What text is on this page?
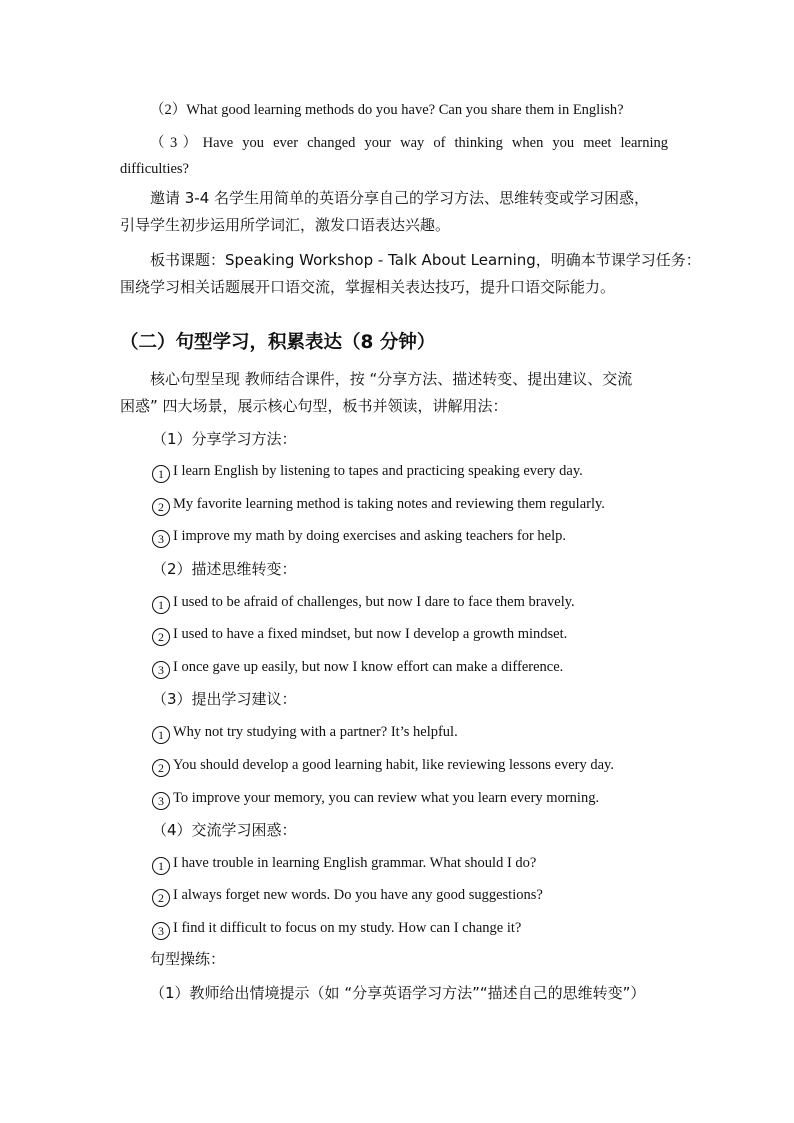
（2）What good learning methods do you have? Can you share them in English?
（3）Have you ever changed your way of thinking when you meet learning
difficulties?
邀请 3-4 名学生用简单的英语分享自己的学习方法、思维转变或学习困惑，
引导学生初步运用所学词汇，激发口语表达兴趣。
板书课题：Speaking Workshop - Talk About Learning，明确本节课学习任务：
围绕学习相关话题展开口语交流，掌握相关表达技巧，提升口语交际能力。
（二）句型学习，积累表达（8 分钟）
核心句型呈现 教师结合课件，按 “分享方法、描述转变、提出建议、交流
困惑” 四大场景，展示核心句型，板书并领读，讲解用法：
（1）分享学习方法：
1 I learn English by listening to tapes and practicing speaking every day.
2 My favorite learning method is taking notes and reviewing them regularly.
3 I improve my math by doing exercises and asking teachers for help.
（2）描述思维转变：
1 I used to be afraid of challenges, but now I dare to face them bravely.
2 I used to have a fixed mindset, but now I develop a growth mindset.
3 I once gave up easily, but now I know effort can make a difference.
（3）提出学习建议：
1 Why not try studying with a partner? It’s helpful.
2 You should develop a good learning habit, like reviewing lessons every day.
3 To improve your memory, you can review what you learn every morning.
（4）交流学习困惑：
1 I have trouble in learning English grammar. What should I do?
2 I always forget new words. Do you have any good suggestions?
3 I find it difficult to focus on my study. How can I change it?
句型操练：
（1）教师给出情境提示（如 “分享英语学习方法”“描述自己的思维转变”）
